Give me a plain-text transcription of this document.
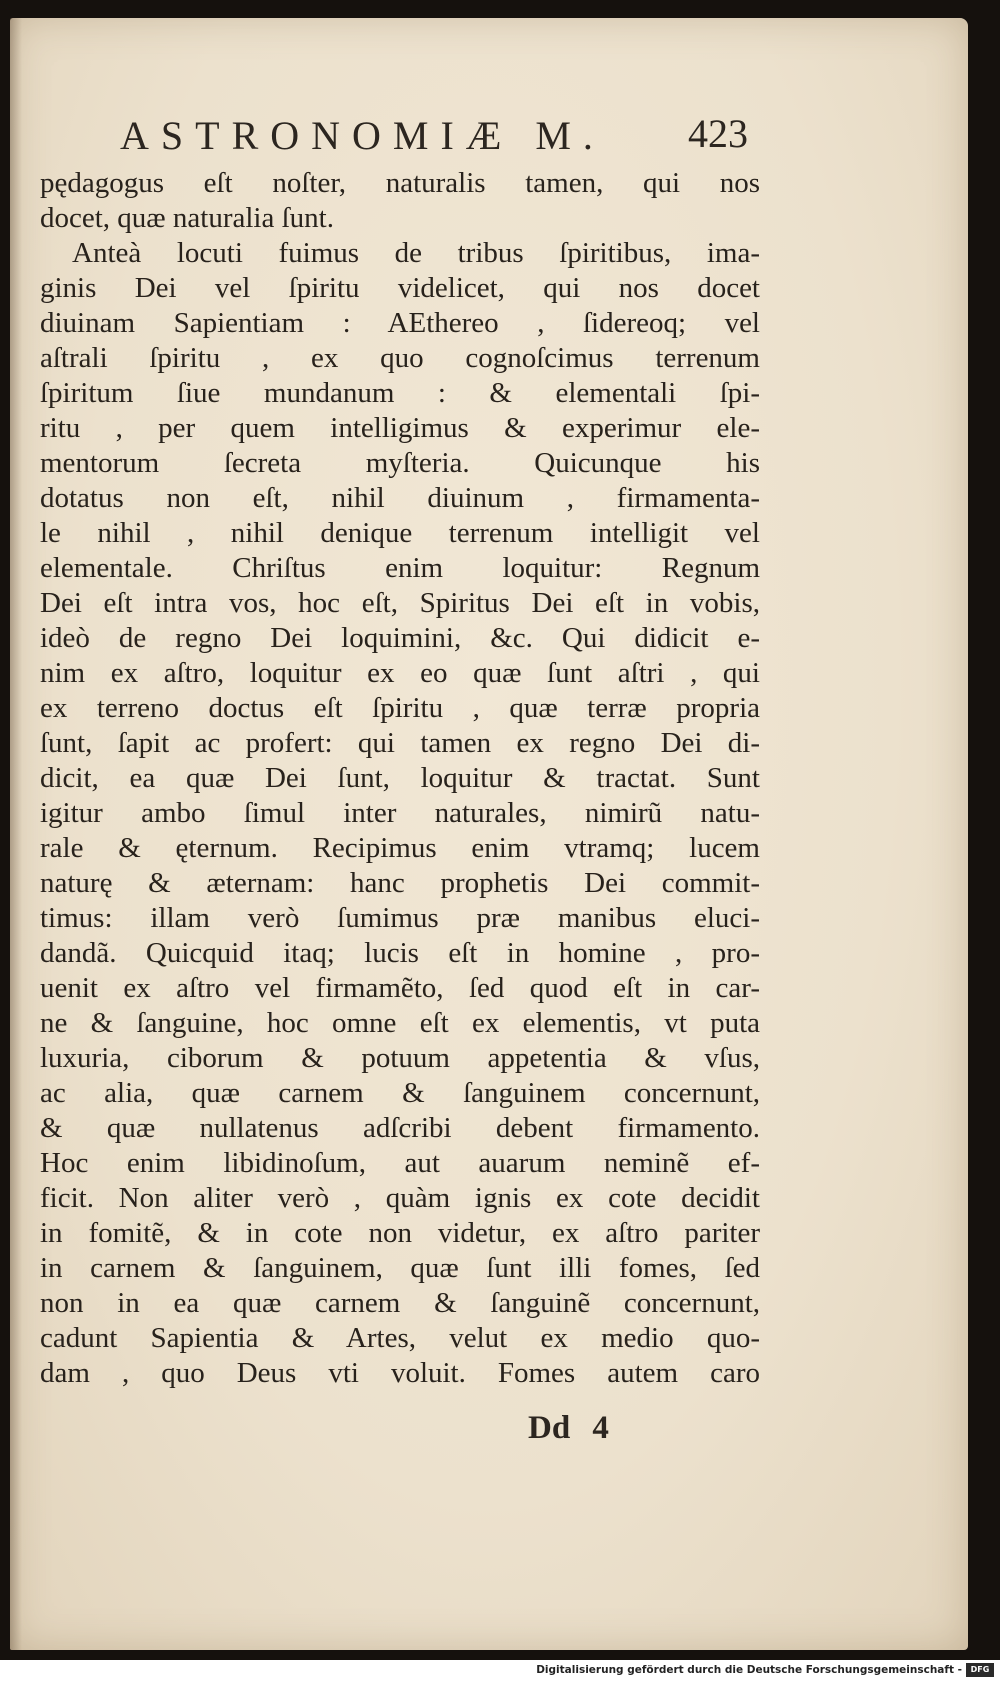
ASTRONOMIÆ M.	423
pędagogus eſt noſter, naturalis tamen, qui nos
docet, quæ naturalia ſunt.
Anteà locuti fuimus de tribus ſpiritibus, ima-
ginis Dei vel ſpiritu videlicet, qui nos docet
diuinam Sapientiam : AEthereo , ſidereoq; vel
aſtrali ſpiritu , ex quo cognoſcimus terrenum
ſpiritum ſiue mundanum : & elementali ſpi-
ritu , per quem intelligimus & experimur ele-
mentorum ſecreta myſteria. Quicunque his
dotatus non eſt, nihil diuinum , firmamenta-
le nihil , nihil denique terrenum intelligit vel
elementale. Chriſtus enim loquitur: Regnum
Dei eſt intra vos, hoc eſt, Spiritus Dei eſt in vobis,
ideò de regno Dei loquimini, &c. Qui didicit e-
nim ex aſtro, loquitur ex eo quæ ſunt aſtri , qui
ex terreno doctus eſt ſpiritu , quæ terræ propria
ſunt, ſapit ac profert: qui tamen ex regno Dei di-
dicit, ea quæ Dei ſunt, loquitur & tractat. Sunt
igitur ambo ſimul inter naturales, nimirũ natu-
rale & ęternum. Recipimus enim vtramq; lucem
naturę & æternam: hanc prophetis Dei commit-
timus: illam verò ſumimus præ manibus eluci-
dandã. Quicquid itaq; lucis eſt in homine , pro-
uenit ex aſtro vel firmamẽto, ſed quod eſt in car-
ne & ſanguine, hoc omne eſt ex elementis, vt puta
luxuria, ciborum & potuum appetentia & vſus,
ac alia, quæ carnem & ſanguinem concernunt,
& quæ nullatenus adſcribi debent firmamento.
Hoc enim libidinoſum, aut auarum neminẽ ef-
ficit. Non aliter verò , quàm ignis ex cote decidit
in fomitẽ, & in cote non videtur, ex aſtro pariter
in carnem & ſanguinem, quæ ſunt illi fomes, ſed
non in ea quæ carnem & ſanguinẽ concernunt,
cadunt Sapientia & Artes, velut ex medio quo-
dam , quo Deus vti voluit. Fomes autem caro
Dd 4
Digitalisierung gefördert durch die Deutsche Forschungsgemeinschaft -	DFG
